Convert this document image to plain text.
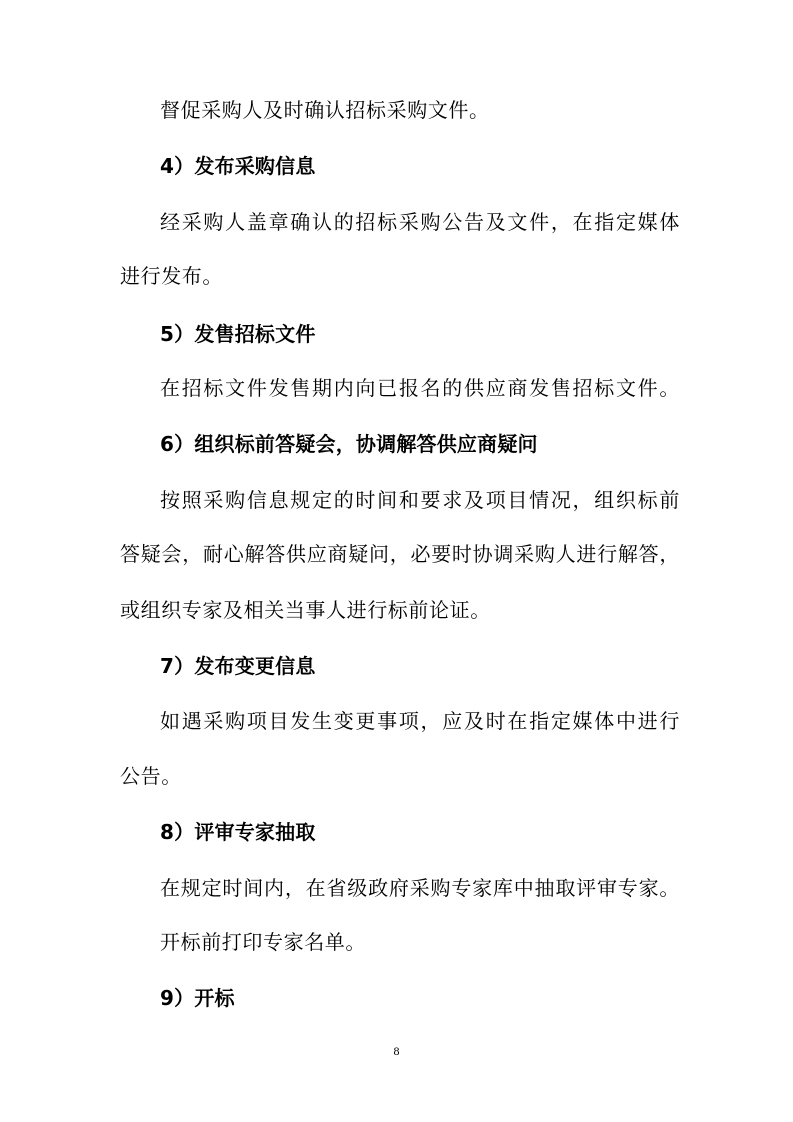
督促采购人及时确认招标采购文件。
4）发布采购信息
经采购人盖章确认的招标采购公告及文件，在指定媒体
进行发布。
5）发售招标文件
在招标文件发售期内向已报名的供应商发售招标文件。
6）组织标前答疑会，协调解答供应商疑问
按照采购信息规定的时间和要求及项目情况，组织标前
答疑会，耐心解答供应商疑问，必要时协调采购人进行解答，
或组织专家及相关当事人进行标前论证。
7）发布变更信息
如遇采购项目发生变更事项，应及时在指定媒体中进行
公告。
8）评审专家抽取
在规定时间内，在省级政府采购专家库中抽取评审专家。
开标前打印专家名单。
9）开标
8
